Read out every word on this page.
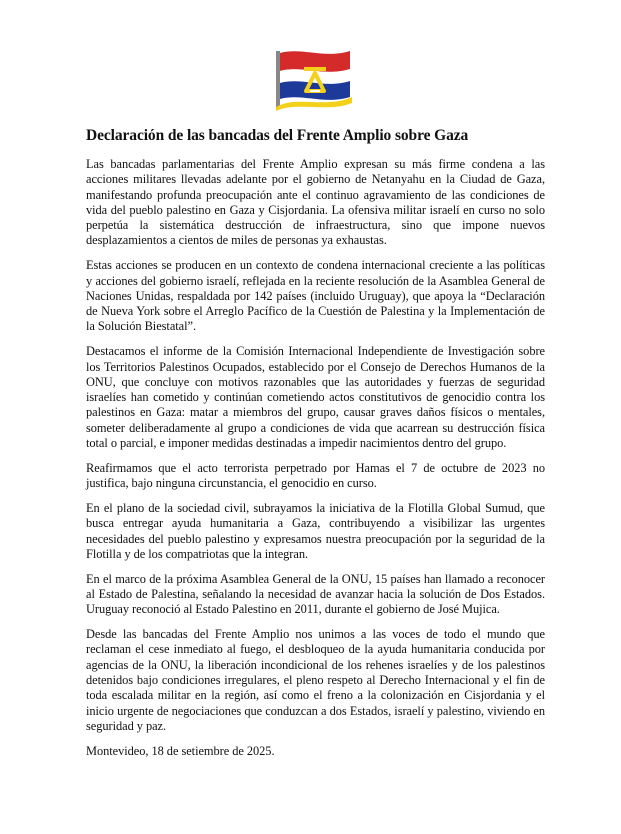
Declaración de las bancadas del Frente Amplio sobre Gaza

Las bancadas parlamentarias del Frente Amplio expresan su más firme condena a las acciones militares llevadas adelante por el gobierno de Netanyahu en la Ciudad de Gaza, manifestando profunda preocupación ante el continuo agravamiento de las condiciones de vida del pueblo palestino en Gaza y Cisjordania. La ofensiva militar israelí en curso no solo perpetúa la sistemática destrucción de infraestructura, sino que impone nuevos desplazamientos a cientos de miles de personas ya exhaustas.

Estas acciones se producen en un contexto de condena internacional creciente a las políticas y acciones del gobierno israelí, reflejada en la reciente resolución de la Asamblea General de Naciones Unidas, respaldada por 142 países (incluido Uruguay), que apoya la “Declaración de Nueva York sobre el Arreglo Pacífico de la Cuestión de Palestina y la Implementación de la Solución Biestatal”.

Destacamos el informe de la Comisión Internacional Independiente de Investigación sobre los Territorios Palestinos Ocupados, establecido por el Consejo de Derechos Humanos de la ONU, que concluye con motivos razonables que las autoridades y fuerzas de seguridad israelíes han cometido y continúan cometiendo actos constitutivos de genocidio contra los palestinos en Gaza: matar a miembros del grupo, causar graves daños físicos o mentales, someter deliberadamente al grupo a condiciones de vida que acarrean su destrucción física total o parcial, e imponer medidas destinadas a impedir nacimientos dentro del grupo.

Reafirmamos que el acto terrorista perpetrado por Hamas el 7 de octubre de 2023 no justifica, bajo ninguna circunstancia, el genocidio en curso.

En el plano de la sociedad civil, subrayamos la iniciativa de la Flotilla Global Sumud, que busca entregar ayuda humanitaria a Gaza, contribuyendo a visibilizar las urgentes necesidades del pueblo palestino y expresamos nuestra preocupación por la seguridad de la Flotilla y de los compatriotas que la integran.

En el marco de la próxima Asamblea General de la ONU, 15 países han llamado a reconocer al Estado de Palestina, señalando la necesidad de avanzar hacia la solución de Dos Estados. Uruguay reconoció al Estado Palestino en 2011, durante el gobierno de José Mujica.

Desde las bancadas del Frente Amplio nos unimos a las voces de todo el mundo que reclaman el cese inmediato al fuego, el desbloqueo de la ayuda humanitaria conducida por agencias de la ONU, la liberación incondicional de los rehenes israelíes y de los palestinos detenidos bajo condiciones irregulares, el pleno respeto al Derecho Internacional y el fin de toda escalada militar en la región, así como el freno a la colonización en Cisjordania y el inicio urgente de negociaciones que conduzcan a dos Estados, israelí y palestino, viviendo en seguridad y paz.

Montevideo, 18 de setiembre de 2025.
